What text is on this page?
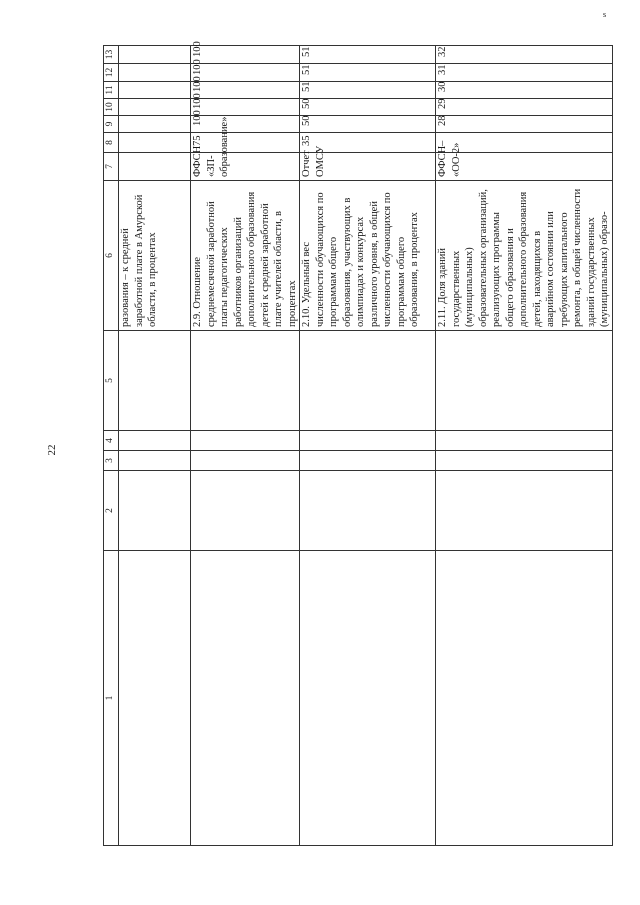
22
s
1	2	3	4	5	6	7	8	9	10	11	12	13
					разования – к средней заработной плате в Амурской области, в процентах							
					2.9. Отношение среднемесячной заработной платы педагогических работников организаций дополнительного образования детей к средней заработной плате учителей области, в процентах	ФФСН «ЗП-образование»	75	100	100	100	100	100
					2.10. Удельный вес численности обучающихся по программам общего образования, участвующих в олимпиадах и конкурсах различного уровня, в общей численности обучающихся по программам общего образования, в процентах	Отчет ОМСУ	35	50	50	51	51	51
					2.11. Доля зданий государственных (муниципальных) образовательных организаций, реализующих программы общего образования и дополнительного образования детей, находящихся в аварийном состоянии или требующих капитального ремонта, в общей численности зданий государственных (муниципальных) образо-	ФФСН «ОО-2»	–	28	29	30	31	32
